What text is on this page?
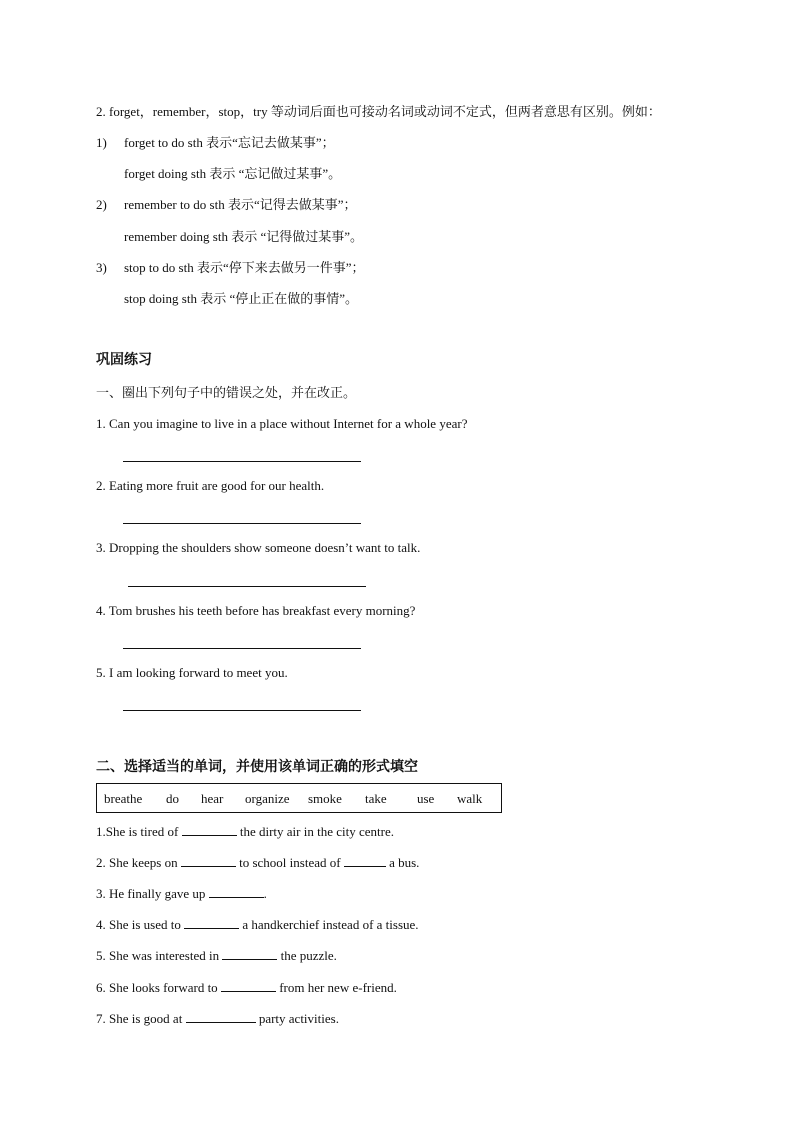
2. forget，remember，stop，try 等动词后面也可接动名词或动词不定式，但两者意思有区别。例如：
1) forget to do sth 表示“忘记去做某事”；
forget doing sth 表示 “忘记做过某事”。
2) remember to do sth 表示“记得去做某事”；
remember doing sth 表示 “记得做过某事”。
3) stop to do sth 表示“停下来去做另一件事”；
stop doing sth 表示 “停止正在做的事情”。
巩固练习
一、圈出下列句子中的错误之处，并在改正。
1. Can you imagine to live in a place without Internet for a whole year?
2. Eating more fruit are good for our health.
3. Dropping the shoulders show someone doesn’t want to talk.
4. Tom brushes his teeth before has breakfast every morning?
5. I am looking forward to meet you.
二、选择适当的单词，并使用该单词正确的形式填空
breathe do hear organize smoke take use walk
1.She is tired of	the dirty air in the city centre.
2. She keeps on	to school instead of	a bus.
3. He finally gave up	.
4. She is used to	a handkerchief instead of a tissue.
5. She was interested in	the puzzle.
6. She looks forward to	from her new e-friend.
7. She is good at	party activities.
